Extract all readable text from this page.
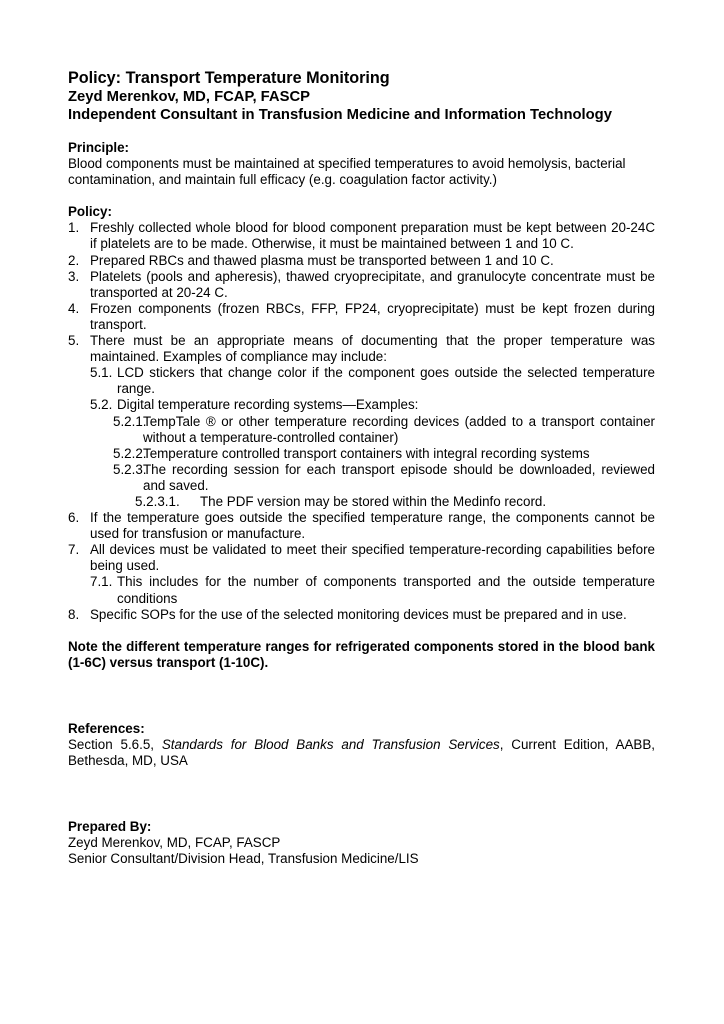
Policy: Transport Temperature Monitoring
Zeyd Merenkov, MD, FCAP, FASCP
Independent Consultant in Transfusion Medicine and Information Technology
Principle:
Blood components must be maintained at specified temperatures to avoid hemolysis, bacterial contamination, and maintain full efficacy (e.g. coagulation factor activity.)
Policy:
1. Freshly collected whole blood for blood component preparation must be kept between 20-24C if platelets are to be made. Otherwise, it must be maintained between 1 and 10 C.
2. Prepared RBCs and thawed plasma must be transported between 1 and 10 C.
3. Platelets (pools and apheresis), thawed cryoprecipitate, and granulocyte concentrate must be transported at 20-24 C.
4. Frozen components (frozen RBCs, FFP, FP24, cryoprecipitate) must be kept frozen during transport.
5. There must be an appropriate means of documenting that the proper temperature was maintained. Examples of compliance may include:
5.1. LCD stickers that change color if the component goes outside the selected temperature range.
5.2. Digital temperature recording systems—Examples:
5.2.1.
TempTale ® or other temperature recording devices (added to a transport container without a temperature-controlled container)
5.2.2.
Temperature controlled transport containers with integral recording systems
5.2.3.
The recording session for each transport episode should be downloaded, reviewed and saved.
5.2.3.1. The PDF version may be stored within the Medinfo record.
6. If the temperature goes outside the specified temperature range, the components cannot be used for transfusion or manufacture.
7. All devices must be validated to meet their specified temperature-recording capabilities before being used.
7.1. This includes for the number of components transported and the outside temperature conditions
8. Specific SOPs for the use of the selected monitoring devices must be prepared and in use.
Note the different temperature ranges for refrigerated components stored in the blood bank (1-6C) versus transport (1-10C).
References:
Section 5.6.5, Standards for Blood Banks and Transfusion Services, Current Edition, AABB, Bethesda, MD, USA
Prepared By:
Zeyd Merenkov, MD, FCAP, FASCP
Senior Consultant/Division Head, Transfusion Medicine/LIS
